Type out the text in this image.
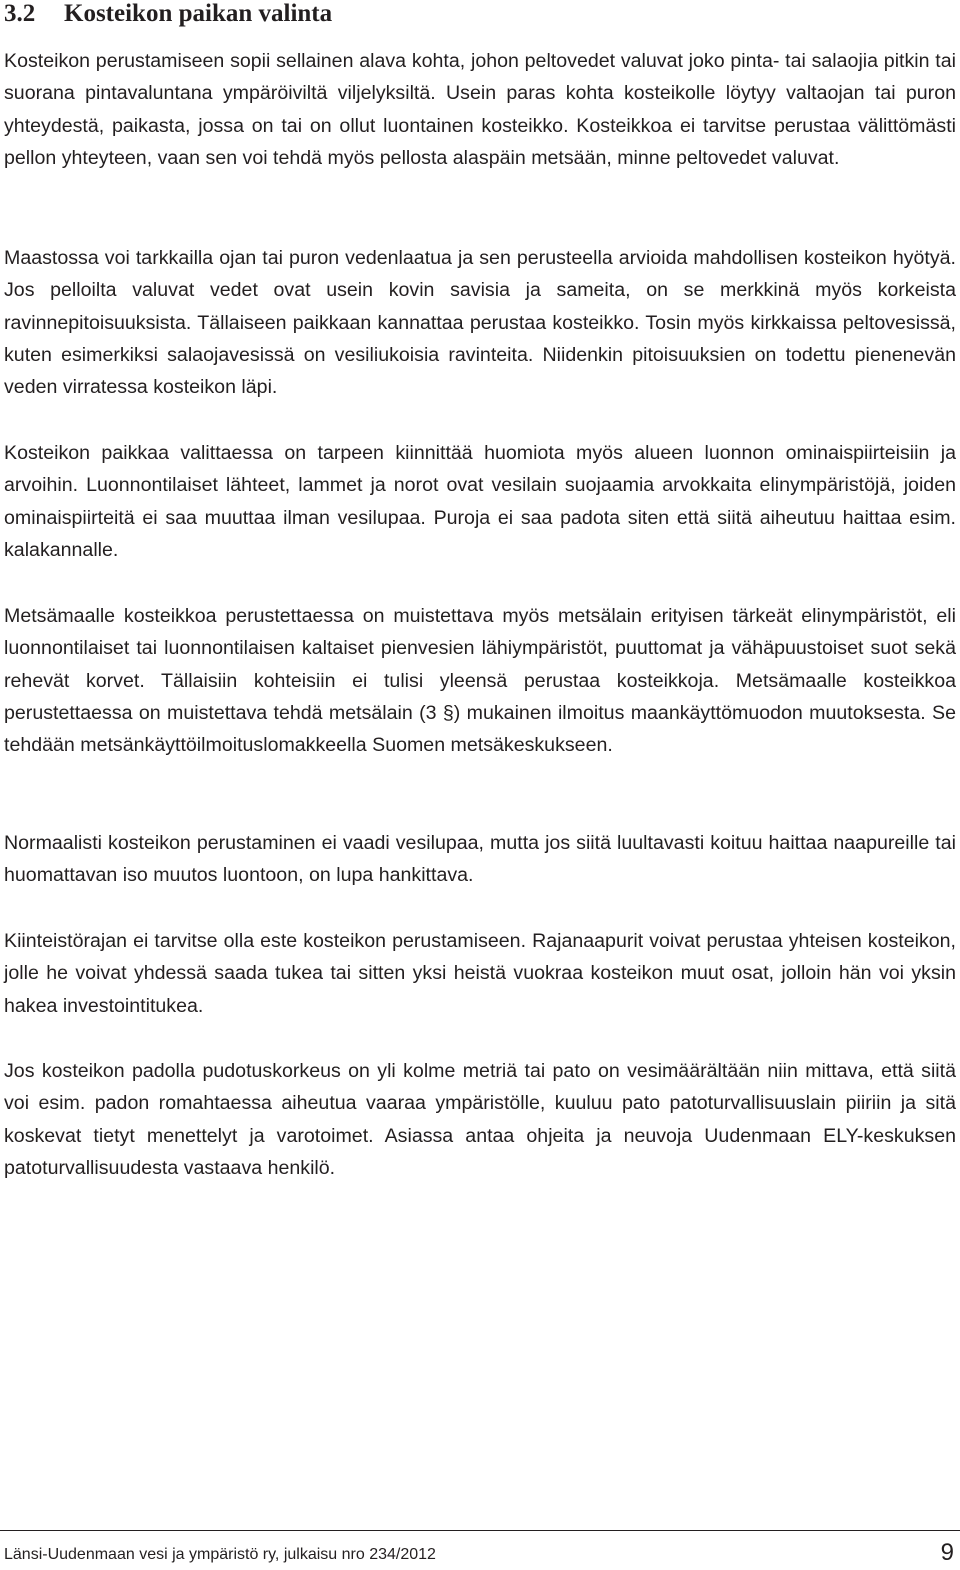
3.2 Kosteikon paikan valinta

Kosteikon perustamiseen sopii sellainen alava kohta, johon peltovedet valuvat joko pinta- tai salaojia pitkin tai suorana pintavaluntana ympäröiviltä viljelyksiltä. Usein paras kohta kosteikolle löytyy valtaojan tai puron yhteydestä, paikasta, jossa on tai on ollut luontainen kosteikko. Kosteikkoa ei tarvitse perustaa välittömästi pellon yhteyteen, vaan sen voi tehdä myös pellosta alaspäin metsään, minne peltovedet valuvat.

Maastossa voi tarkkailla ojan tai puron vedenlaatua ja sen perusteella arvioida mahdollisen kosteikon hyötyä. Jos pelloilta valuvat vedet ovat usein kovin savisia ja sameita, on se merkkinä myös korkeista ravinnepitoisuuksista. Tällaiseen paikkaan kannattaa perustaa kosteikko. Tosin myös kirkkaissa peltovesissä, kuten esimerkiksi salaojavesissä on vesiliukoisia ravinteita. Niidenkin pitoisuuksien on todettu pienenevän veden virratessa kosteikon läpi.

Kosteikon paikkaa valittaessa on tarpeen kiinnittää huomiota myös alueen luonnon ominaispiirteisiin ja arvoihin. Luonnontilaiset lähteet, lammet ja norot ovat vesilain suojaamia arvokkaita elinympäristöjä, joiden ominaispiirteitä ei saa muuttaa ilman vesilupaa. Puroja ei saa padota siten että siitä aiheutuu haittaa esim. kalakannalle.

Metsämaalle kosteikkoa perustettaessa on muistettava myös metsälain erityisen tärkeät elinympäristöt, eli luonnontilaiset tai luonnontilaisen kaltaiset pienvesien lähiympäristöt, puuttomat ja vähäpuustoiset suot sekä rehevät korvet. Tällaisiin kohteisiin ei tulisi yleensä perustaa kosteikkoja. Metsämaalle kosteikkoa perustettaessa on muistettava tehdä metsälain (3 §) mukainen ilmoitus maankäyttömuodon muutoksesta. Se tehdään metsänkäyttöilmoituslomakkeella Suomen metsäkeskukseen.

Normaalisti kosteikon perustaminen ei vaadi vesilupaa, mutta jos siitä luultavasti koituu haittaa naapureille tai huomattavan iso muutos luontoon, on lupa hankittava.

Kiinteistörajan ei tarvitse olla este kosteikon perustamiseen. Rajanaapurit voivat perustaa yhteisen kosteikon, jolle he voivat yhdessä saada tukea tai sitten yksi heistä vuokraa kosteikon muut osat, jolloin hän voi yksin hakea investointitukea.

Jos kosteikon padolla pudotuskorkeus on yli kolme metriä tai pato on vesimäärältään niin mittava, että siitä voi esim. padon romahtaessa aiheutua vaaraa ympäristölle, kuuluu pato patoturvallisuuslain piiriin ja sitä koskevat tietyt menettelyt ja varotoimet. Asiassa antaa ohjeita ja neuvoja Uudenmaan ELY-keskuksen patoturvallisuudesta vastaava henkilö.

Länsi-Uudenmaan vesi ja ympäristö ry, julkaisu nro 234/2012	9
